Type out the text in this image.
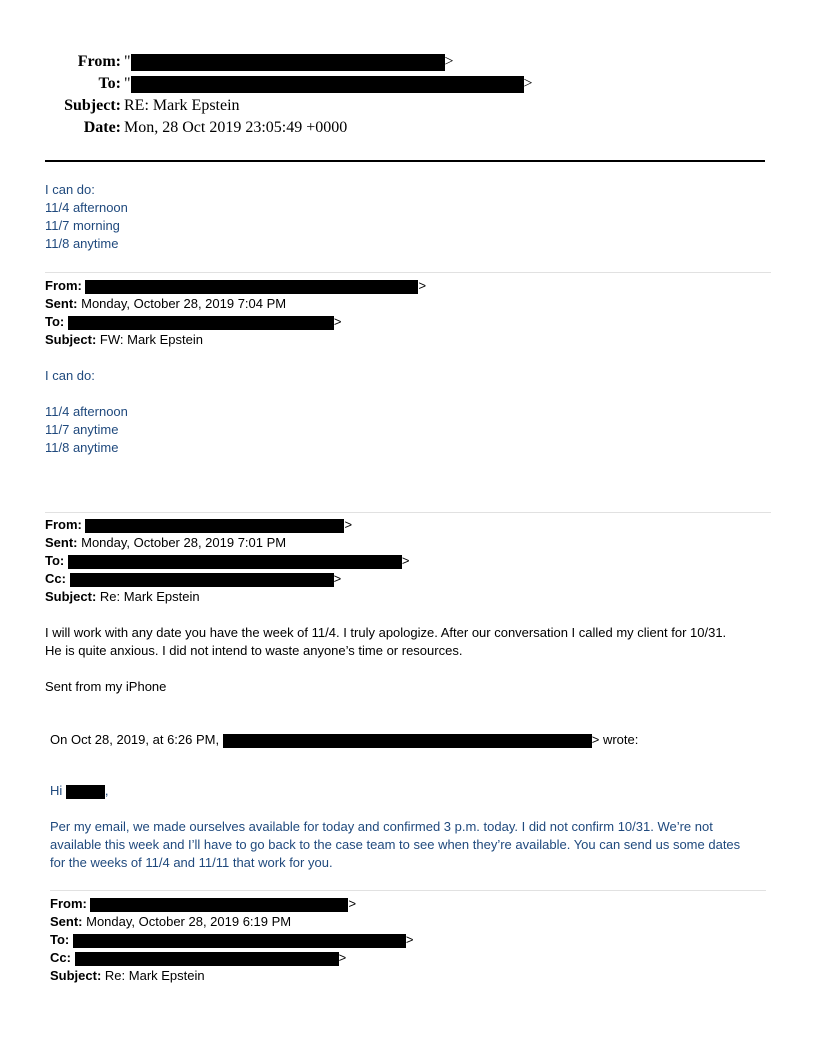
From: "	>
To: "	>
Subject: RE: Mark Epstein
Date: Mon, 28 Oct 2019 23:05:49 +0000
I can do:
11/4 afternoon
11/7 morning
11/8 anytime
From:	>
Sent: Monday, October 28, 2019 7:04 PM
To:	>
Subject: FW: Mark Epstein
I can do:
11/4 afternoon
11/7 anytime
11/8 anytime
From:	>
Sent: Monday, October 28, 2019 7:01 PM
To:	>
Cc:	>
Subject: Re: Mark Epstein
I will work with any date you have the week of 11/4. I truly apologize. After our conversation I called my client for 10/31.
He is quite anxious. I did not intend to waste anyone’s time or resources.
Sent from my iPhone
On Oct 28, 2019, at 6:26 PM,	> wrote:
Hi	,
Per my email, we made ourselves available for today and confirmed 3 p.m. today. I did not confirm 10/31. We’re not
available this week and I’ll have to go back to the case team to see when they’re available. You can send us some dates
for the weeks of 11/4 and 11/11 that work for you.
From:	>
Sent: Monday, October 28, 2019 6:19 PM
To:	>
Cc:	>
Subject: Re: Mark Epstein
